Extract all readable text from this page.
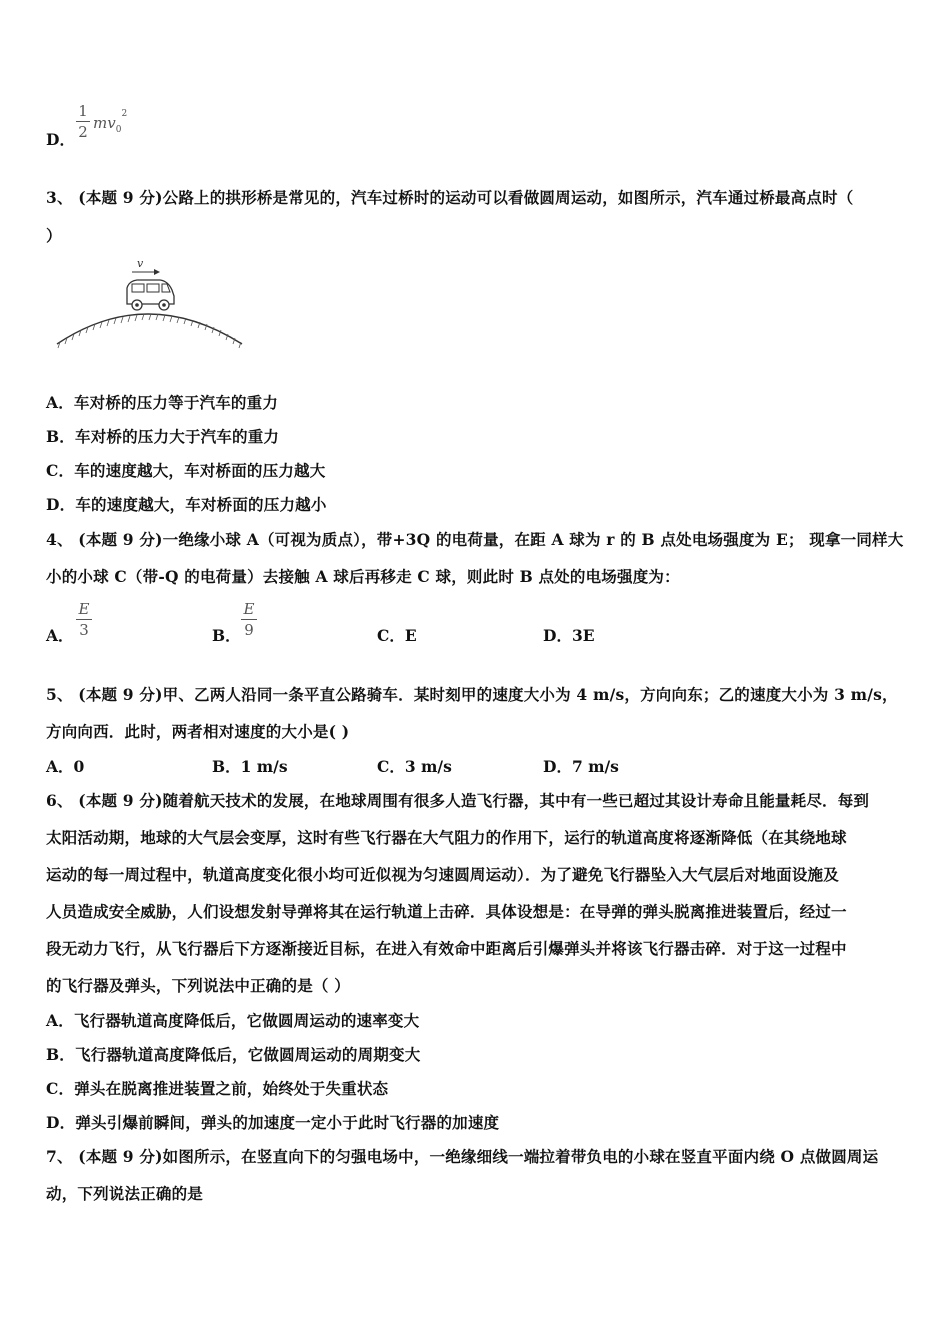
D．
1
2 $mv_0^2$
3、 (本题 9 分)公路上的拱形桥是常见的，汽车过桥时的运动可以看做圆周运动，如图所示，汽车通过桥最高点时（
）
v
A．车对桥的压力等于汽车的重力
B．车对桥的压力大于汽车的重力
C．车的速度越大，车对桥面的压力越大
D．车的速度越大，车对桥面的压力越小
4、 (本题 9 分)一绝缘小球 A（可视为质点），带+3Q 的电荷量，在距 A 球为 r 的 B 点处电场强度为 E； 现拿一同样大
小的小球 C（带-Q 的电荷量）去接触 A 球后再移走 C 球，则此时 B 点处的电场强度为：
A．
E
3	B．
E
9	C．E	D．3E
5、 (本题 9 分)甲、乙两人沿同一条平直公路骑车．某时刻甲的速度大小为 4 m/s，方向向东；乙的速度大小为 3 m/s，
方向向西．此时，两者相对速度的大小是( )
A．0	B．1 m/s	C．3 m/s	D．7 m/s
6、 (本题 9 分)随着航天技术的发展，在地球周围有很多人造飞行器，其中有一些已超过其设计寿命且能量耗尽．每到
太阳活动期，地球的大气层会变厚，这时有些飞行器在大气阻力的作用下，运行的轨道高度将逐渐降低（在其绕地球
运动的每一周过程中，轨道高度变化很小均可近似视为匀速圆周运动）．为了避免飞行器坠入大气层后对地面设施及
人员造成安全威胁，人们设想发射导弹将其在运行轨道上击碎．具体设想是：在导弹的弹头脱离推进装置后，经过一
段无动力飞行，从飞行器后下方逐渐接近目标，在进入有效命中距离后引爆弹头并将该飞行器击碎．对于这一过程中
的飞行器及弹头，下列说法中正确的是（ ）
A．飞行器轨道高度降低后，它做圆周运动的速率变大
B．飞行器轨道高度降低后，它做圆周运动的周期变大
C．弹头在脱离推进装置之前，始终处于失重状态
D．弹头引爆前瞬间，弹头的加速度一定小于此时飞行器的加速度
7、 (本题 9 分)如图所示，在竖直向下的匀强电场中，一绝缘细线一端拉着带负电的小球在竖直平面内绕 O 点做圆周运
动，下列说法正确的是
